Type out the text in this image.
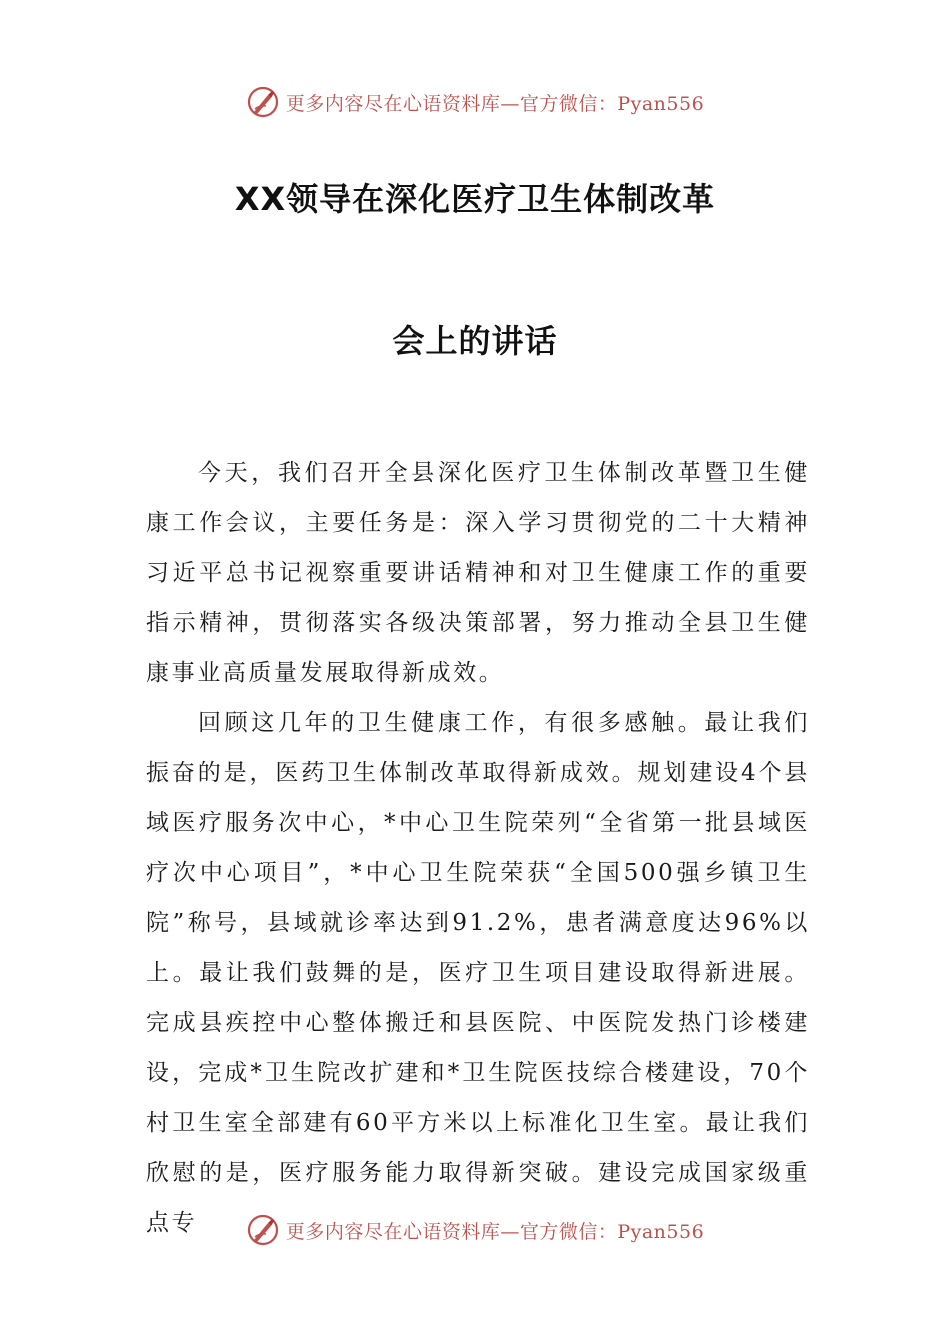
更多内容尽在心语资料库—官方微信：Pyan556
XX领导在深化医疗卫生体制改革
会上的讲话

今天，我们召开全县深化医疗卫生体制改革暨卫生健康工作会议，主要任务是：深入学习贯彻党的二十大精神习近平总书记视察重要讲话精神和对卫生健康工作的重要指示精神，贯彻落实各级决策部署，努力推动全县卫生健康事业高质量发展取得新成效。

回顾这几年的卫生健康工作，有很多感触。最让我们振奋的是，医药卫生体制改革取得新成效。规划建设4个县域医疗服务次中心，*中心卫生院荣列“全省第一批县域医疗次中心项目”，*中心卫生院荣获“全国500强乡镇卫生院”称号，县域就诊率达到91.2%，患者满意度达96%以上。最让我们鼓舞的是，医疗卫生项目建设取得新进展。完成县疾控中心整体搬迁和县医院、中医院发热门诊楼建设，完成*卫生院改扩建和*卫生院医技综合楼建设，70个村卫生室全部建有60平方米以上标准化卫生室。最让我们欣慰的是，医疗服务能力取得新突破。建设完成国家级重点专	更多内容尽在心语资料库—官方微信：Pyan556
